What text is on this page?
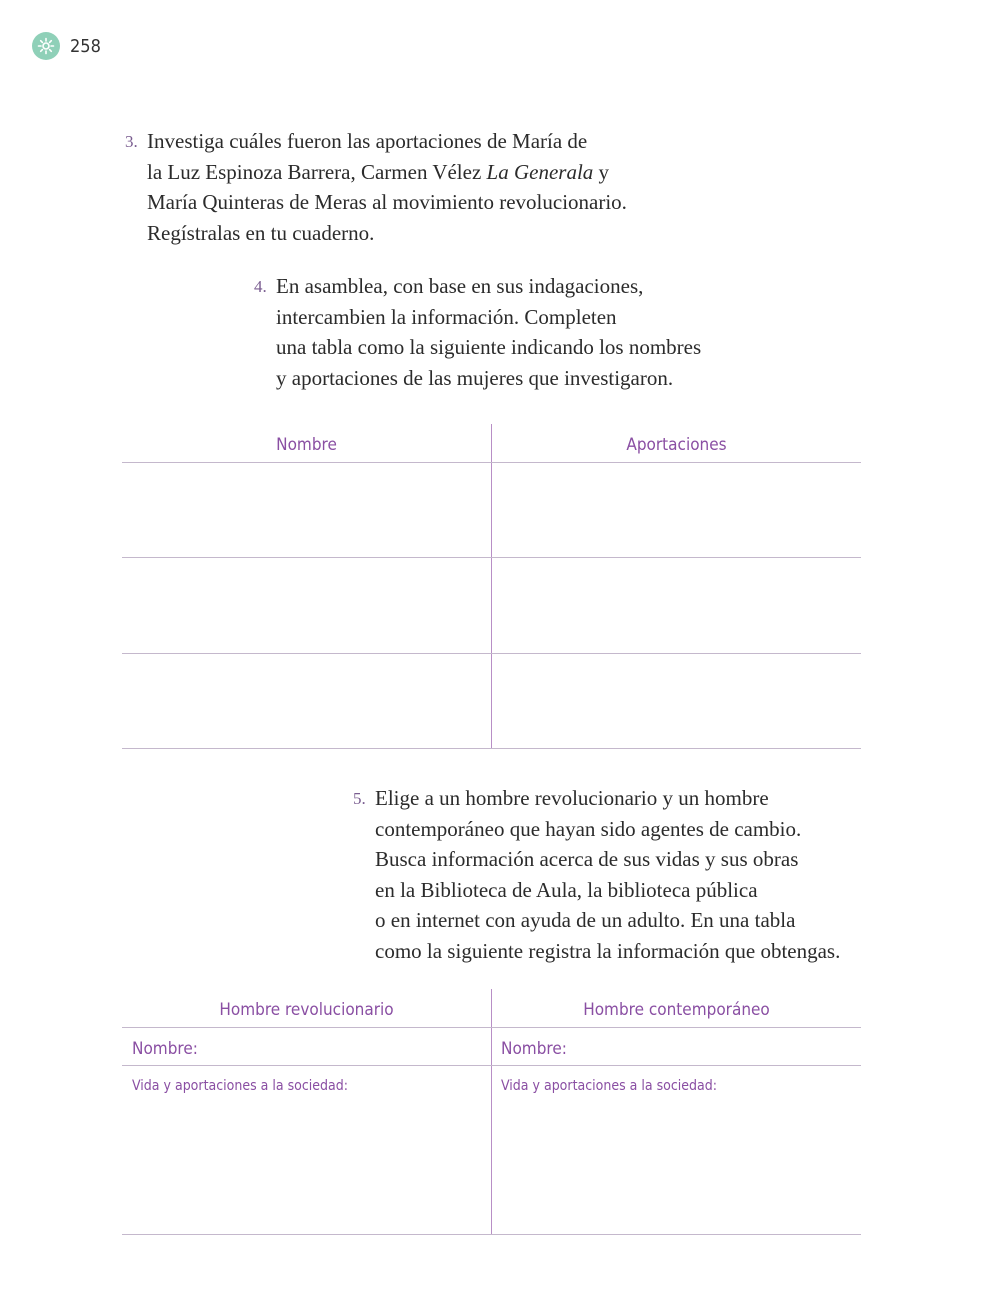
258
3. Investiga cuáles fueron las aportaciones de María de

la Luz Espinoza Barrera, Carmen Vélez La Generala y

María Quinteras de Meras al movimiento revolucionario.

Regístralas en tu cuaderno.

4. En asamblea, con base en sus indagaciones,

intercambien la información. Completen

una tabla como la siguiente indicando los nombres

y aportaciones de las mujeres que investigaron.

Nombre	Aportaciones
5. Elige a un hombre revolucionario y un hombre

contemporáneo que hayan sido agentes de cambio.

Busca información acerca de sus vidas y sus obras

en la Biblioteca de Aula, la biblioteca pública

o en internet con ayuda de un adulto. En una tabla

como la siguiente registra la información que obtengas.

Hombre revolucionario	Hombre contemporáneo
Nombre:	Nombre:
Vida y aportaciones a la sociedad:	Vida y aportaciones a la sociedad:
